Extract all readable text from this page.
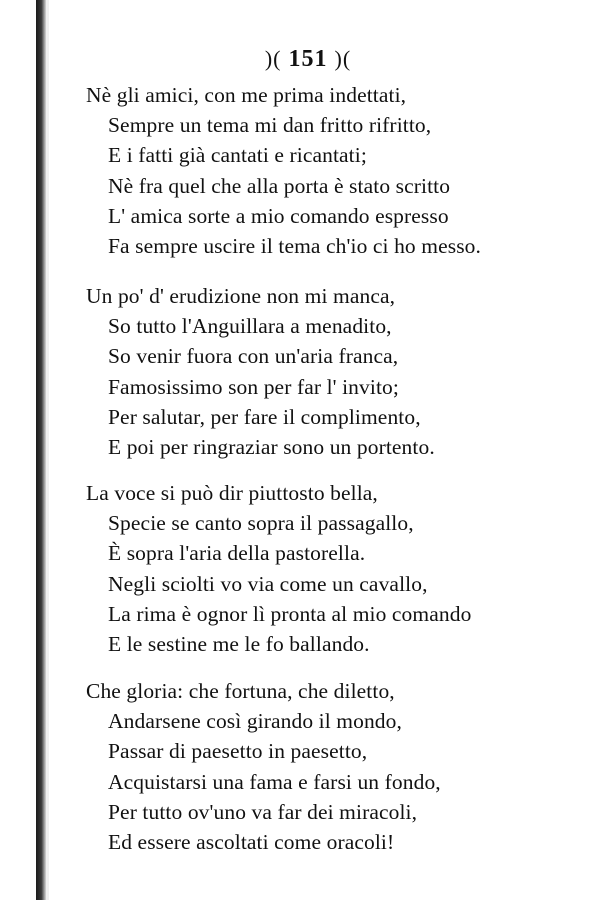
)( 151 )(
Nè gli amici, con me prima indettati,
Sempre un tema mi dan fritto rifritto,
E i fatti già cantati e ricantati;
Nè fra quel che alla porta è stato scritto
L' amica sorte a mio comando espresso
Fa sempre uscire il tema ch'io ci ho messo.
Un po' d' erudizione non mi manca,
So tutto l'Anguillara a menadito,
So venir fuora con un'aria franca,
Famosissimo son per far l' invito;
Per salutar, per fare il complimento,
E poi per ringraziar sono un portento.
La voce si può dir piuttosto bella,
Specie se canto sopra il passagallo,
È sopra l'aria della pastorella.
Negli sciolti vo via come un cavallo,
La rima è ognor lì pronta al mio comando
E le sestine me le fo ballando.
Che gloria: che fortuna, che diletto,
Andarsene così girando il mondo,
Passar di paesetto in paesetto,
Acquistarsi una fama e farsi un fondo,
Per tutto ov'uno va far dei miracoli,
Ed essere ascoltati come oracoli!
